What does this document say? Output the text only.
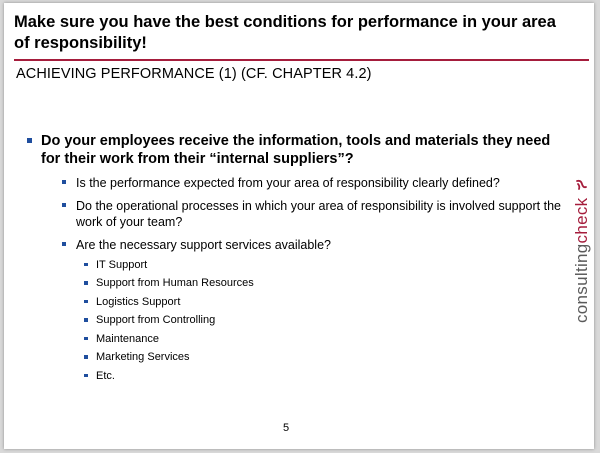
Make sure you have the best conditions for performance in your area of responsibility!
ACHIEVING PERFORMANCE (1) (CF. CHAPTER 4.2)
Do your employees receive the information, tools and materials they need for their work from their “internal suppliers”?
Is the performance expected from your area of responsibility clearly defined?
Do the operational processes in which your area of responsibility is involved support the work of your team?
Are the necessary support services available?
IT Support
Support from Human Resources
Logistics Support
Support from Controlling
Maintenance
Marketing Services
Etc.
consultingcheck
5
